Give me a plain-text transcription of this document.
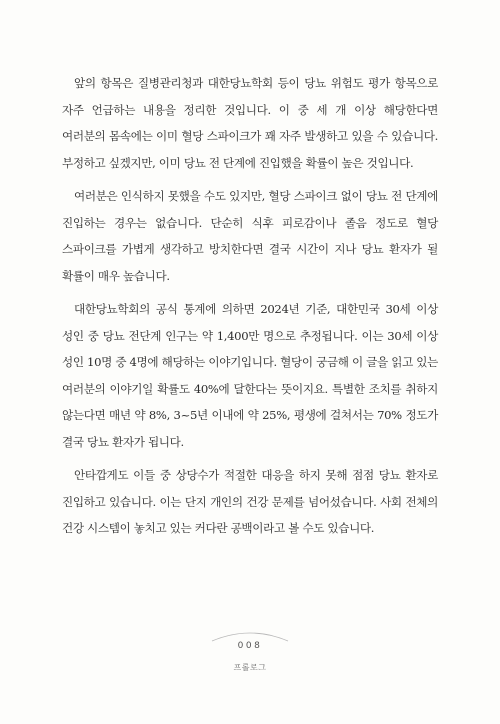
앞의 항목은 질병관리청과 대한당뇨학회 등이 당뇨 위험도 평가 항목으로 자주 언급하는 내용을 정리한 것입니다. 이 중 세 개 이상 해당한다면 여러분의 몸속에는 이미 혈당 스파이크가 꽤 자주 발생하고 있을 수 있습니다. 부정하고 싶겠지만, 이미 당뇨 전 단계에 진입했을 확률이 높은 것입니다.

여러분은 인식하지 못했을 수도 있지만, 혈당 스파이크 없이 당뇨 전 단계에 진입하는 경우는 없습니다. 단순히 식후 피로감이나 졸음 정도로 혈당 스파이크를 가볍게 생각하고 방치한다면 결국 시간이 지나 당뇨 환자가 될 확률이 매우 높습니다.

대한당뇨학회의 공식 통계에 의하면 2024년 기준, 대한민국 30세 이상 성인 중 당뇨 전단계 인구는 약 1,400만 명으로 추정됩니다. 이는 30세 이상 성인 10명 중 4명에 해당하는 이야기입니다. 혈당이 궁금해 이 글을 읽고 있는 여러분의 이야기일 확률도 40%에 달한다는 뜻이지요. 특별한 조치를 취하지 않는다면 매년 약 8%, 3~5년 이내에 약 25%, 평생에 걸쳐서는 70% 정도가 결국 당뇨 환자가 됩니다.

안타깝게도 이들 중 상당수가 적절한 대응을 하지 못해 점점 당뇨 환자로 진입하고 있습니다. 이는 단지 개인의 건강 문제를 넘어섰습니다. 사회 전체의 건강 시스템이 놓치고 있는 커다란 공백이라고 볼 수도 있습니다.

008
프롤로그
